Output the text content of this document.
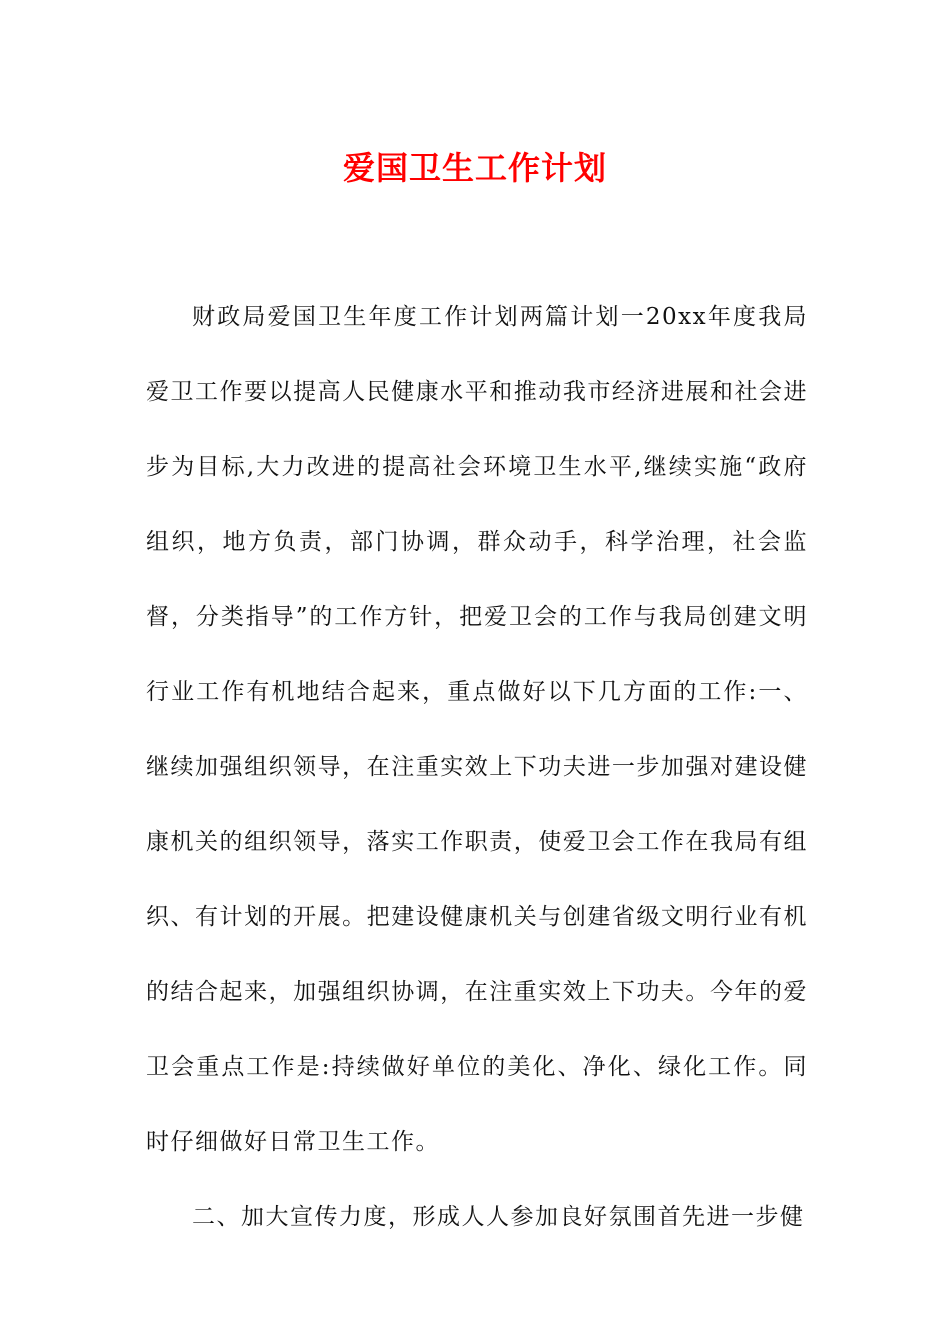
爱国卫生工作计划

财政局爱国卫生年度工作计划两篇计划一20xx年度我局爱卫工作要以提高人民健康水平和推动我市经济进展和社会进步为目标,大力改进的提高社会环境卫生水平,继续实施“政府组织，地方负责，部门协调，群众动手，科学治理，社会监督，分类指导”的工作方针，把爱卫会的工作与我局创建文明行业工作有机地结合起来，重点做好以下几方面的工作:一、继续加强组织领导，在注重实效上下功夫进一步加强对建设健康机关的组织领导，落实工作职责，使爱卫会工作在我局有组织、有计划的开展。把建设健康机关与创建省级文明行业有机的结合起来，加强组织协调，在注重实效上下功夫。今年的爱卫会重点工作是:持续做好单位的美化、净化、绿化工作。同时仔细做好日常卫生工作。

二、加大宣传力度，形成人人参加良好氛围首先进一步健
